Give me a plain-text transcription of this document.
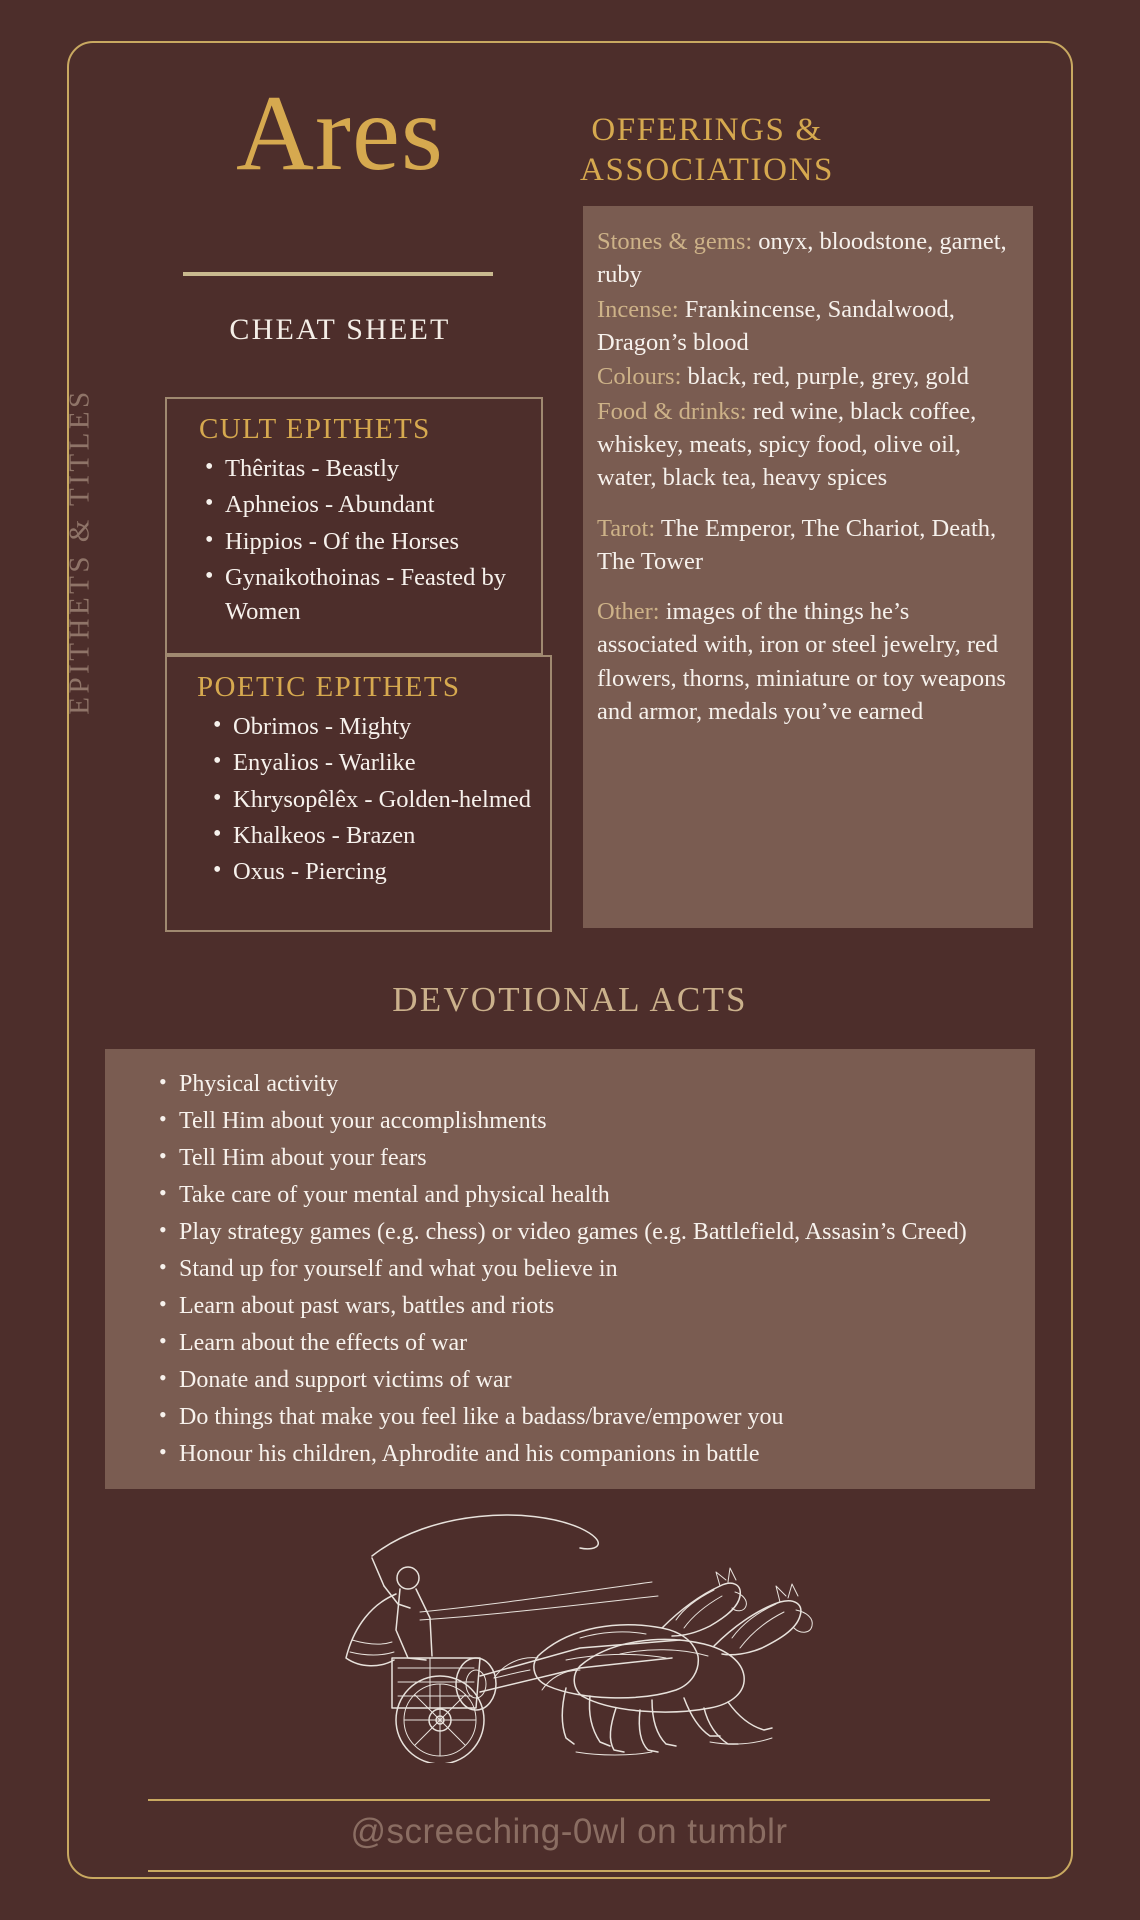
Ares
CHEAT SHEET
EPITHETS & TITLES
OFFERINGS &
ASSOCIATIONS
Stones & gems: onyx, bloodstone, garnet, ruby
Incense: Frankincense, Sandalwood, Dragon’s blood
Colours: black, red, purple, grey, gold
Food & drinks: red wine, black coffee, whiskey, meats, spicy food, olive oil, water, black tea, heavy spices
Tarot: The Emperor, The Chariot, Death, The Tower
Other: images of the things he’s associated with, iron or steel jewelry, red flowers, thorns, miniature or toy weapons and armor, medals you’ve earned
CULT EPITHETS
• Thêritas - Beastly
• Aphneios - Abundant
• Hippios - Of the Horses
• Gynaikothoinas - Feasted by Women
POETIC EPITHETS
• Obrimos - Mighty
• Enyalios - Warlike
• Khrysopêlêx - Golden-helmed
• Khalkeos - Brazen
• Oxus - Piercing
DEVOTIONAL ACTS
• Physical activity
• Tell Him about your accomplishments
• Tell Him about your fears
• Take care of your mental and physical health
• Play strategy games (e.g. chess) or video games (e.g. Battlefield, Assasin’s Creed)
• Stand up for yourself and what you believe in
• Learn about past wars, battles and riots
• Learn about the effects of war
• Donate and support victims of war
• Do things that make you feel like a badass/brave/empower you
• Honour his children, Aphrodite and his companions in battle
@screeching-0wl on tumblr
